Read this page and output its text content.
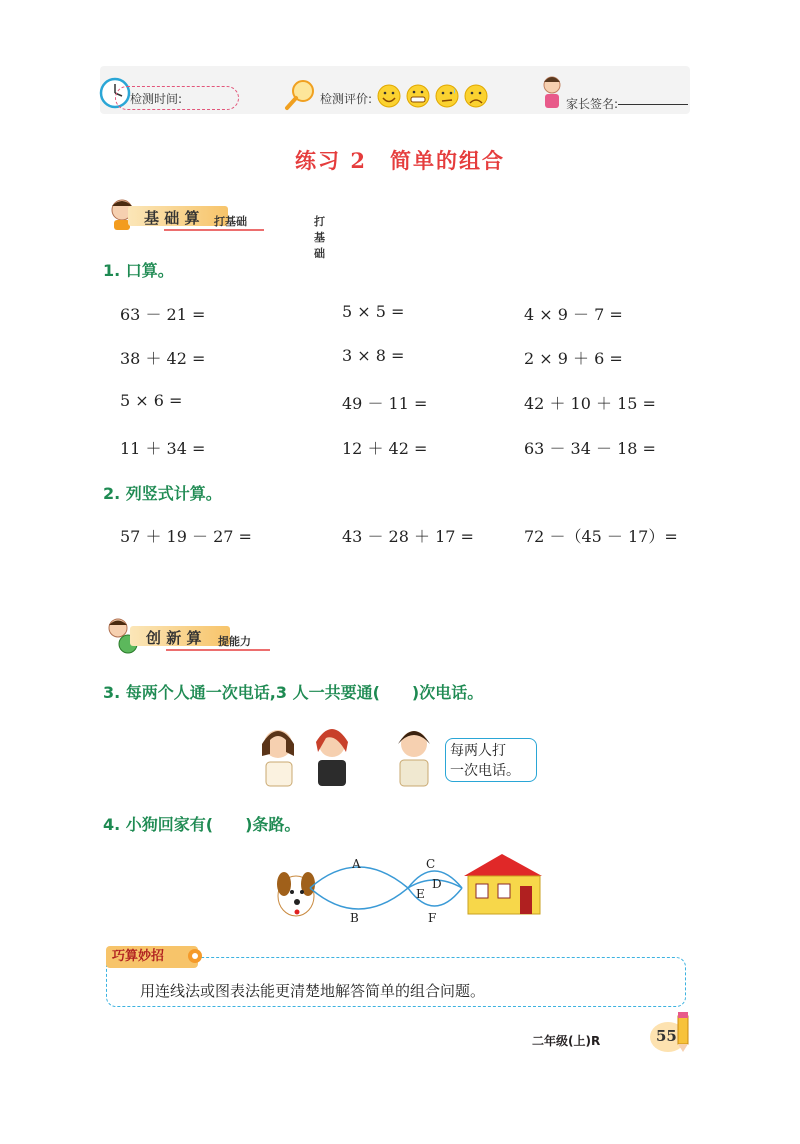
检测时间:	检测评价:	家长签名:
练习 2　简单的组合
基 础 算	打基础
打基础
1. 口算。
63 － 21 =	5 × 5 =	4 × 9 － 7 =
38 ＋ 42 =	3 × 8 =	2 × 9 ＋ 6 =
5 × 6 =	49 － 11 =	42 ＋ 10 ＋ 15 =
11 ＋ 34 =	12 ＋ 42 =	63 － 34 － 18 =
2. 列竖式计算。
57 ＋ 19 － 27 =	43 － 28 ＋ 17 =	72 －（45 － 17）=
创 新 算 提能力
3. 每两个人通一次电话,3 人一共要通(　　)次电话。
每两人打
一次电话。
4. 小狗回家有(　　)条路。
A
B
C
D
E
F
巧算妙招
用连线法或图表法能更清楚地解答简单的组合问题。
二年级(上)R	55
